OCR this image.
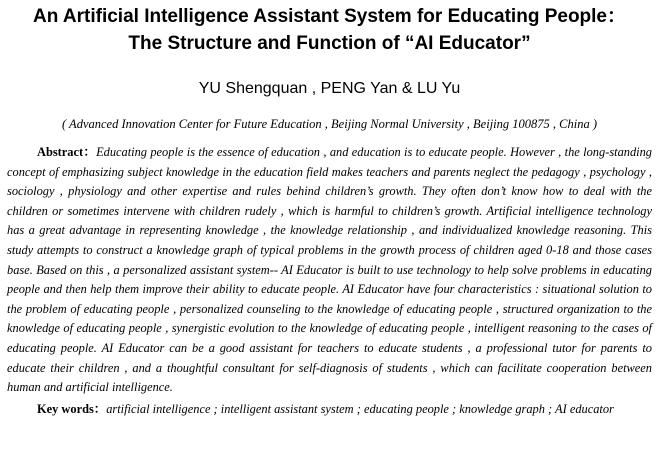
An Artificial Intelligence Assistant System for Educating People：
The Structure and Function of “AI Educator”
YU Shengquan , PENG Yan & LU Yu
( Advanced Innovation Center for Future Education , Beijing Normal University , Beijing 100875 , China )
Abstract：Educating people is the essence of education , and education is to educate people. However , the long-standing concept of emphasizing subject knowledge in the education field makes teachers and parents neglect the pedagogy , psychology , sociology , physiology and other expertise and rules behind children’s growth. They often don’t know how to deal with the children or sometimes intervene with children rudely , which is harmful to children’s growth. Artificial intelligence technology has a great advantage in representing knowledge , the knowledge relationship , and individualized knowledge reasoning. This study attempts to construct a knowledge graph of typical problems in the growth process of children aged 0-18 and those cases base. Based on this , a personalized assistant system-- AI Educator is built to use technology to help solve problems in educating people and then help them improve their ability to educate people. AI Educator have four characteristics : situational solution to the problem of educating people , personalized counseling to the knowledge of educating people , structured organization to the knowledge of educating people , synergistic evolution to the knowledge of educating people , intelligent reasoning to the cases of educating people. AI Educator can be a good assistant for teachers to educate students , a professional tutor for parents to educate their children , and a thoughtful consultant for self-diagnosis of students , which can facilitate cooperation between human and artificial intelligence.
Key words：artificial intelligence ; intelligent assistant system ; educating people ; knowledge graph ; AI educator
